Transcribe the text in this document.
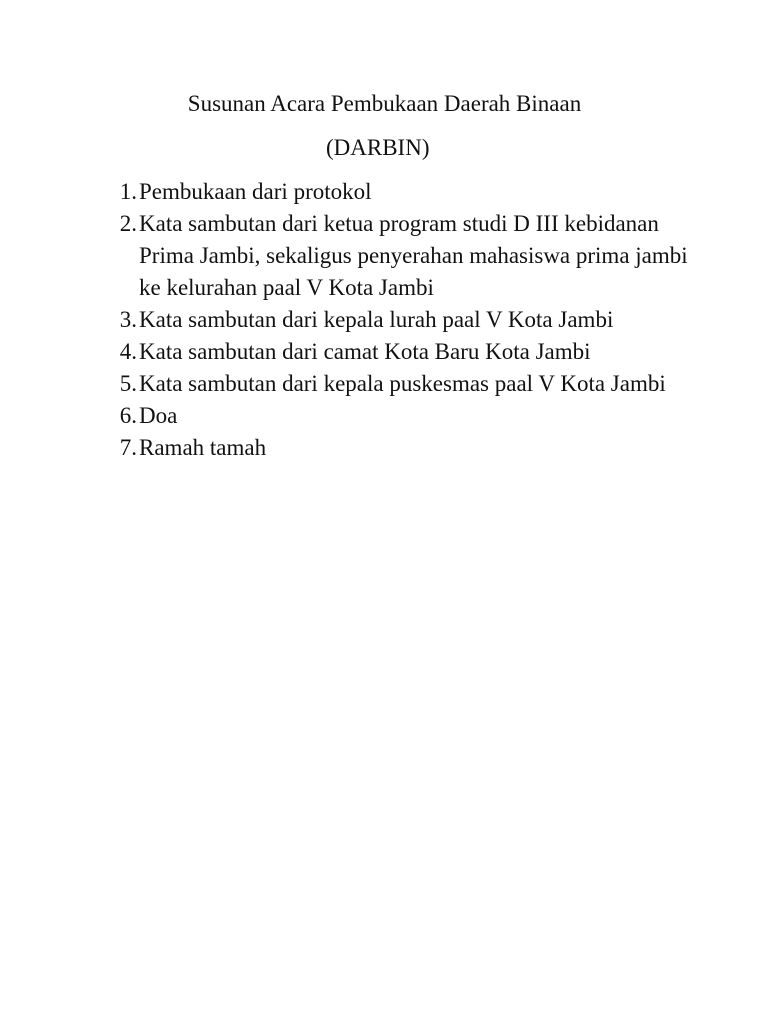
Susunan Acara Pembukaan Daerah Binaan
(DARBIN)
1. Pembukaan dari protokol
2. Kata sambutan dari ketua program studi D III kebidanan Prima Jambi, sekaligus penyerahan mahasiswa prima jambi ke kelurahan paal V Kota Jambi
3. Kata sambutan dari kepala lurah paal V Kota Jambi
4. Kata sambutan dari camat Kota Baru Kota Jambi
5. Kata sambutan dari kepala puskesmas paal V Kota Jambi
6. Doa
7. Ramah tamah
